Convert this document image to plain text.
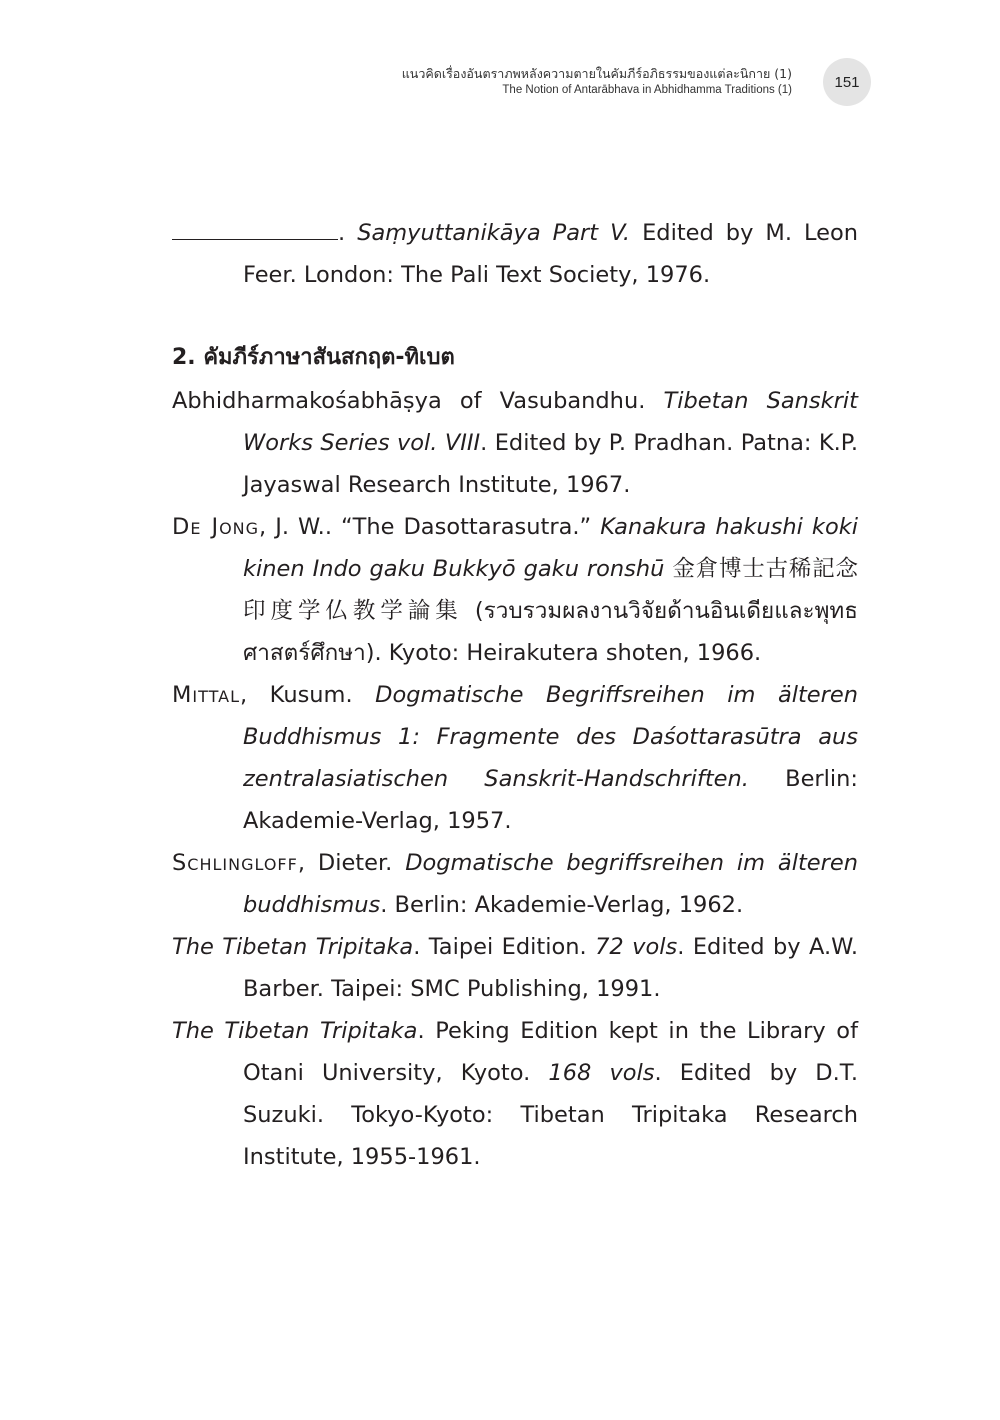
แนวคิดเรื่องอันตราภพหลังความตายในคัมภีร์อภิธรรมของแต่ละนิกาย (1)
The Notion of Antarābhava in Abhidhamma Traditions (1)	151
. Saṃyuttanikāya Part V. Edited by M. Leon Feer. London: The Pali Text Society, 1976.
2. คัมภีร์ภาษาสันสกฤต-ทิเบต
Abhidharmakośabhāṣya of Vasubandhu. Tibetan Sanskrit Works Series vol. VIII. Edited by P. Pradhan. Patna: K.P. Jayaswal Research Institute, 1967.
De Jong, J. W.. “The Dasottarasutra.” Kanakura hakushi koki kinen Indo gaku Bukkyō gaku ronshū 金倉博士古稀記念印度学仏教学論集 (รวบรวมผลงานวิจัยด้านอินเดียและพุทธศาสตร์ศึกษา). Kyoto: Heirakutera shoten, 1966.
Mittal, Kusum. Dogmatische Begriffsreihen im älteren Buddhismus 1: Fragmente des Daśottarasūtra aus zentralasiatischen Sanskrit-Handschriften. Berlin: Akademie-Verlag, 1957.
Schlingloff, Dieter. Dogmatische begriffsreihen im älteren buddhismus. Berlin: Akademie-Verlag, 1962.
The Tibetan Tripitaka. Taipei Edition. 72 vols. Edited by A.W. Barber. Taipei: SMC Publishing, 1991.
The Tibetan Tripitaka. Peking Edition kept in the Library of Otani University, Kyoto. 168 vols. Edited by D.T. Suzuki. Tokyo-Kyoto: Tibetan Tripitaka Research Institute, 1955-1961.
